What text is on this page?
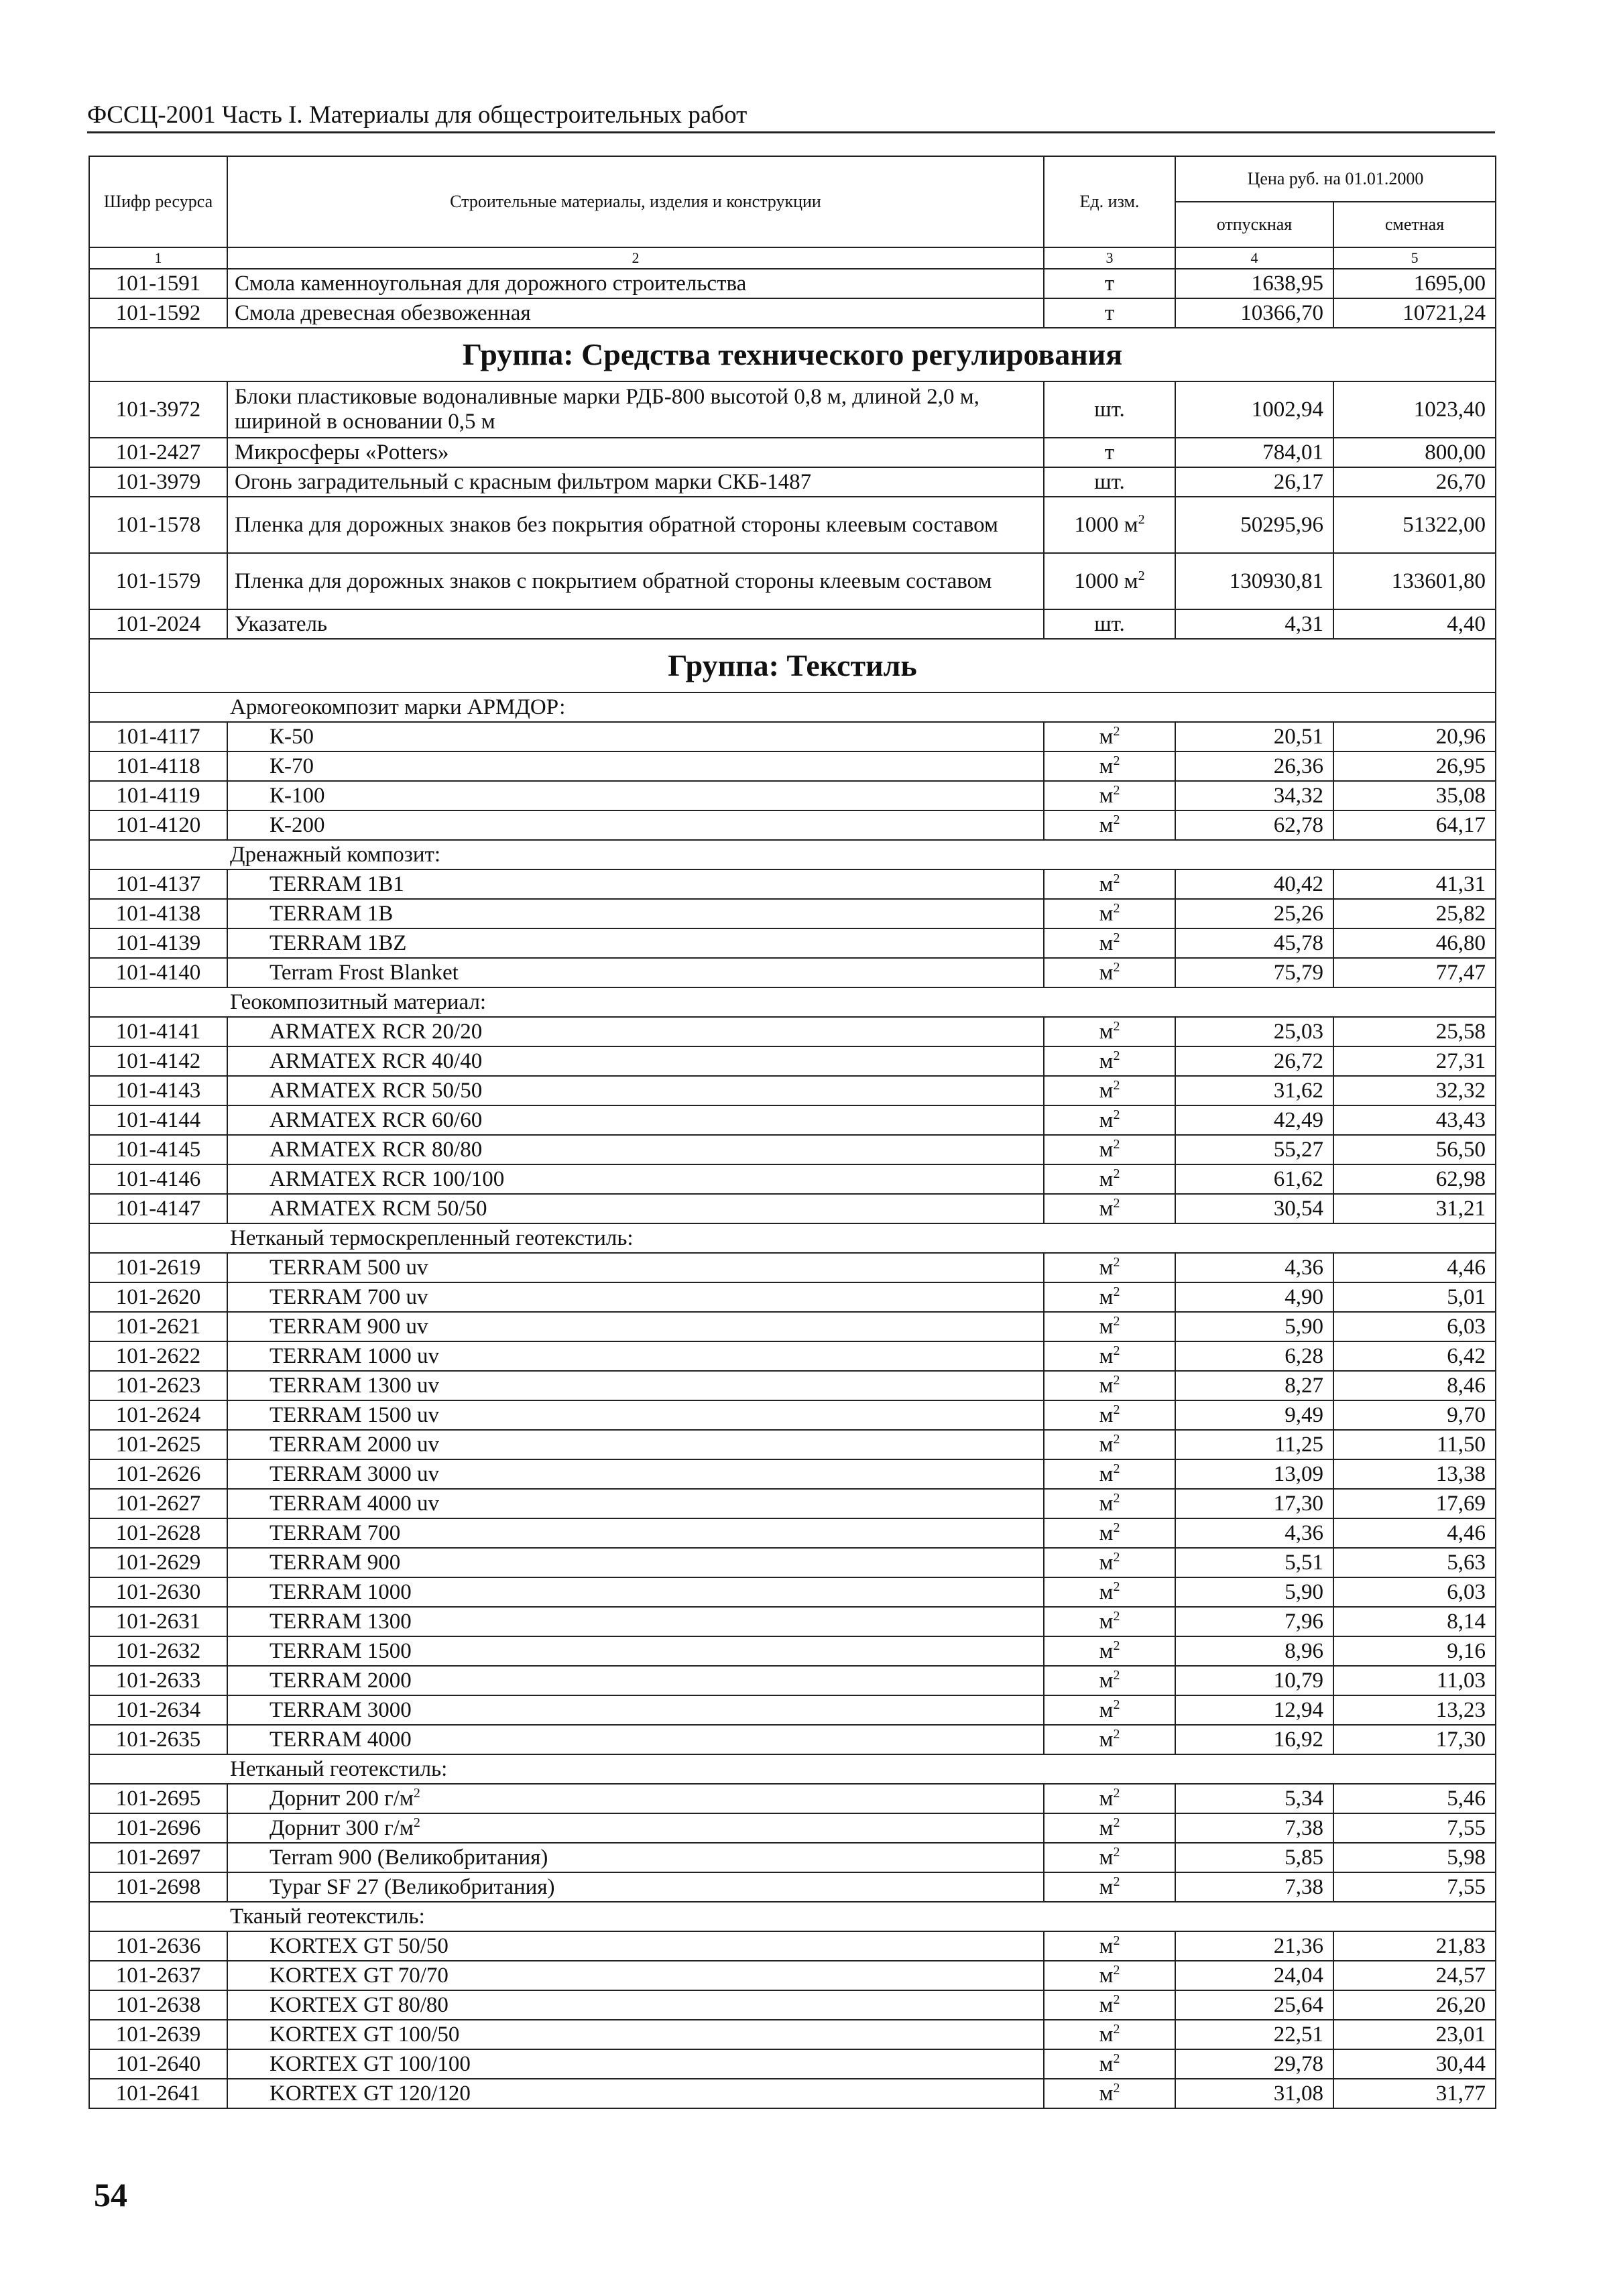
ФССЦ-2001 Часть I. Материалы для общестроительных работ
Шифр ресурса	Строительные материалы, изделия и конструкции	Ед. изм.	Цена руб. на 01.01.2000	
			отпускная	сметная
1	2	3	4	5
101-1591	Смола каменноугольная для дорожного строительства	т	1638,95	1695,00
101-1592	Смола древесная обезвоженная	т	10366,70	10721,24
Группа: Средства технического регулирования				
101-3972	Блоки пластиковые водоналивные марки РДБ-800 высотой 0,8 м, длиной 2,0 м, шириной в основании 0,5 м	шт.	1002,94	1023,40
101-2427	Микросферы «Potters»	т	784,01	800,00
101-3979	Огонь заградительный с красным фильтром марки СКБ-1487	шт.	26,17	26,70
101-1578	Пленка для дорожных знаков без покрытия обратной стороны клеевым составом	1000 $м^2$	50295,96	51322,00
101-1579	Пленка для дорожных знаков с покрытием обратной стороны клеевым составом	1000 $м^2$	130930,81	133601,80
101-2024	Указатель	шт.	4,31	4,40
Группа: Текстиль				
Армогеокомпозит марки АРМДОР:				
101-4117	К-50	$м^2$	20,51	20,96
101-4118	К-70	$м^2$	26,36	26,95
101-4119	К-100	$м^2$	34,32	35,08
101-4120	К-200	$м^2$	62,78	64,17
Дренажный композит:				
101-4137	TERRAM 1B1	$м^2$	40,42	41,31
101-4138	TERRAM 1B	$м^2$	25,26	25,82
101-4139	TERRAM 1BZ	$м^2$	45,78	46,80
101-4140	Terram Frost Blanket	$м^2$	75,79	77,47
Геокомпозитный материал:				
101-4141	ARMATEX RCR 20/20	$м^2$	25,03	25,58
101-4142	ARMATEX RCR 40/40	$м^2$	26,72	27,31
101-4143	ARMATEX RCR 50/50	$м^2$	31,62	32,32
101-4144	ARMATEX RCR 60/60	$м^2$	42,49	43,43
101-4145	ARMATEX RCR 80/80	$м^2$	55,27	56,50
101-4146	ARMATEX RCR 100/100	$м^2$	61,62	62,98
101-4147	ARMATEX RCM 50/50	$м^2$	30,54	31,21
Нетканый термоскрепленный геотекстиль:				
101-2619	TERRAM 500 uv	$м^2$	4,36	4,46
101-2620	TERRAM 700 uv	$м^2$	4,90	5,01
101-2621	TERRAM 900 uv	$м^2$	5,90	6,03
101-2622	TERRAM 1000 uv	$м^2$	6,28	6,42
101-2623	TERRAM 1300 uv	$м^2$	8,27	8,46
101-2624	TERRAM 1500 uv	$м^2$	9,49	9,70
101-2625	TERRAM 2000 uv	$м^2$	11,25	11,50
101-2626	TERRAM 3000 uv	$м^2$	13,09	13,38
101-2627	TERRAM 4000 uv	$м^2$	17,30	17,69
101-2628	TERRAM 700	$м^2$	4,36	4,46
101-2629	TERRAM 900	$м^2$	5,51	5,63
101-2630	TERRAM 1000	$м^2$	5,90	6,03
101-2631	TERRAM 1300	$м^2$	7,96	8,14
101-2632	TERRAM 1500	$м^2$	8,96	9,16
101-2633	TERRAM 2000	$м^2$	10,79	11,03
101-2634	TERRAM 3000	$м^2$	12,94	13,23
101-2635	TERRAM 4000	$м^2$	16,92	17,30
Нетканый геотекстиль:				
101-2695	Дорнит 200 $г/м^2$	$м^2$	5,34	5,46
101-2696	Дорнит 300 $г/м^2$	$м^2$	7,38	7,55
101-2697	Terram 900 (Великобритания)	$м^2$	5,85	5,98
101-2698	Typar SF 27 (Великобритания)	$м^2$	7,38	7,55
Тканый геотекстиль:				
101-2636	KORTEX GT 50/50	$м^2$	21,36	21,83
101-2637	KORTEX GT 70/70	$м^2$	24,04	24,57
101-2638	KORTEX GT 80/80	$м^2$	25,64	26,20
101-2639	KORTEX GT 100/50	$м^2$	22,51	23,01
101-2640	KORTEX GT 100/100	$м^2$	29,78	30,44
101-2641	KORTEX GT 120/120	$м^2$	31,08	31,77
54
